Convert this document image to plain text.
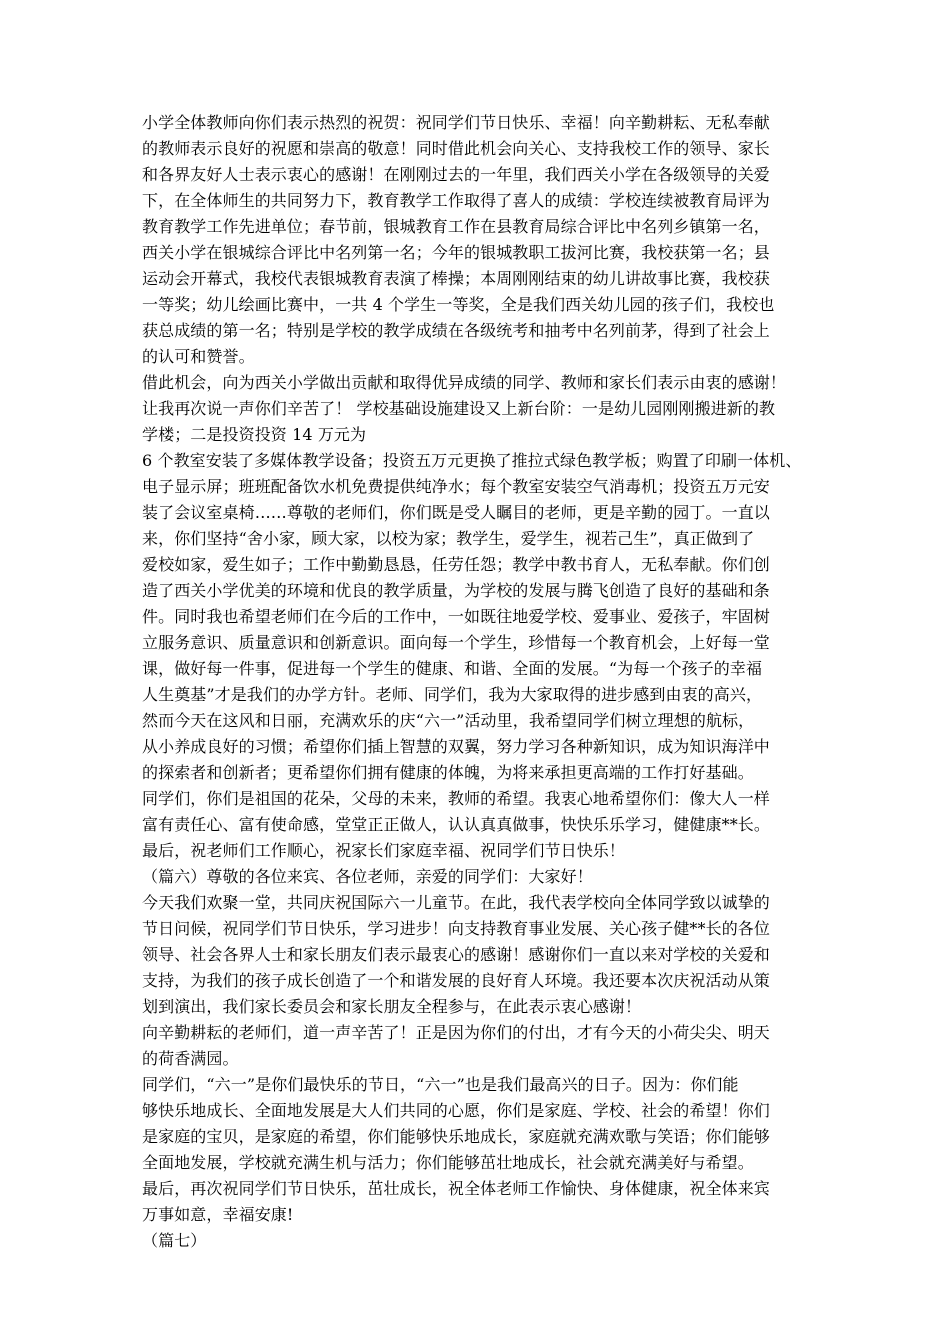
小学全体教师向你们表示热烈的祝贺：祝同学们节日快乐、幸福！向辛勤耕耘、无私奉献
的教师表示良好的祝愿和崇高的敬意！同时借此机会向关心、支持我校工作的领导、家长
和各界友好人士表示衷心的感谢！在刚刚过去的一年里，我们西关小学在各级领导的关爱
下，在全体师生的共同努力下，教育教学工作取得了喜人的成绩：学校连续被教育局评为
教育教学工作先进单位；春节前，银城教育工作在县教育局综合评比中名列乡镇第一名，
西关小学在银城综合评比中名列第一名；今年的银城教职工拔河比赛，我校获第一名；县
运动会开幕式，我校代表银城教育表演了棒操；本周刚刚结束的幼儿讲故事比赛，我校获
一等奖；幼儿绘画比赛中，一共 4 个学生一等奖，全是我们西关幼儿园的孩子们，我校也
获总成绩的第一名；特别是学校的教学成绩在各级统考和抽考中名列前茅，得到了社会上
的认可和赞誉。
借此机会，向为西关小学做出贡献和取得优异成绩的同学、教师和家长们表示由衷的感谢！
让我再次说一声你们辛苦了！ 学校基础设施建设又上新台阶：一是幼儿园刚刚搬进新的教
学楼；二是投资投资 14 万元为
6 个教室安装了多媒体教学设备；投资五万元更换了推拉式绿色教学板；购置了印刷一体机、
电子显示屏；班班配备饮水机免费提供纯净水；每个教室安装空气消毒机；投资五万元安
装了会议室桌椅……尊敬的老师们，你们既是受人瞩目的老师，更是辛勤的园丁。一直以
来，你们坚持“舍小家，顾大家，以校为家；教学生，爱学生，视若己生”，真正做到了
爱校如家，爱生如子；工作中勤勤恳恳，任劳任怨；教学中教书育人，无私奉献。你们创
造了西关小学优美的环境和优良的教学质量，为学校的发展与腾飞创造了良好的基础和条
件。同时我也希望老师们在今后的工作中，一如既往地爱学校、爱事业、爱孩子，牢固树
立服务意识、质量意识和创新意识。面向每一个学生，珍惜每一个教育机会，上好每一堂
课，做好每一件事，促进每一个学生的健康、和谐、全面的发展。“为每一个孩子的幸福
人生奠基”才是我们的办学方针。老师、同学们，我为大家取得的进步感到由衷的高兴，
然而今天在这风和日丽，充满欢乐的庆“六一”活动里，我希望同学们树立理想的航标，
从小养成良好的习惯；希望你们插上智慧的双翼，努力学习各种新知识，成为知识海洋中
的探索者和创新者；更希望你们拥有健康的体魄，为将来承担更高端的工作打好基础。
同学们，你们是祖国的花朵，父母的未来，教师的希望。我衷心地希望你们：像大人一样
富有责任心、富有使命感，堂堂正正做人，认认真真做事，快快乐乐学习，健健康**长。
最后，祝老师们工作顺心，祝家长们家庭幸福、祝同学们节日快乐！
（篇六）尊敬的各位来宾、各位老师，亲爱的同学们：大家好！
今天我们欢聚一堂，共同庆祝国际六一儿童节。在此，我代表学校向全体同学致以诚挚的
节日问候，祝同学们节日快乐，学习进步！向支持教育事业发展、关心孩子健**长的各位
领导、社会各界人士和家长朋友们表示最衷心的感谢！感谢你们一直以来对学校的关爱和
支持，为我们的孩子成长创造了一个和谐发展的良好育人环境。我还要本次庆祝活动从策
划到演出，我们家长委员会和家长朋友全程参与，在此表示衷心感谢！
向辛勤耕耘的老师们，道一声辛苦了！正是因为你们的付出，才有今天的小荷尖尖、明天
的荷香满园。
同学们，“六一”是你们最快乐的节日，“六一”也是我们最高兴的日子。因为：你们能
够快乐地成长、全面地发展是大人们共同的心愿，你们是家庭、学校、社会的希望！你们
是家庭的宝贝，是家庭的希望，你们能够快乐地成长，家庭就充满欢歌与笑语；你们能够
全面地发展，学校就充满生机与活力；你们能够茁壮地成长，社会就充满美好与希望。
最后，再次祝同学们节日快乐，茁壮成长，祝全体老师工作愉快、身体健康，祝全体来宾
万事如意，幸福安康!
（篇七）
